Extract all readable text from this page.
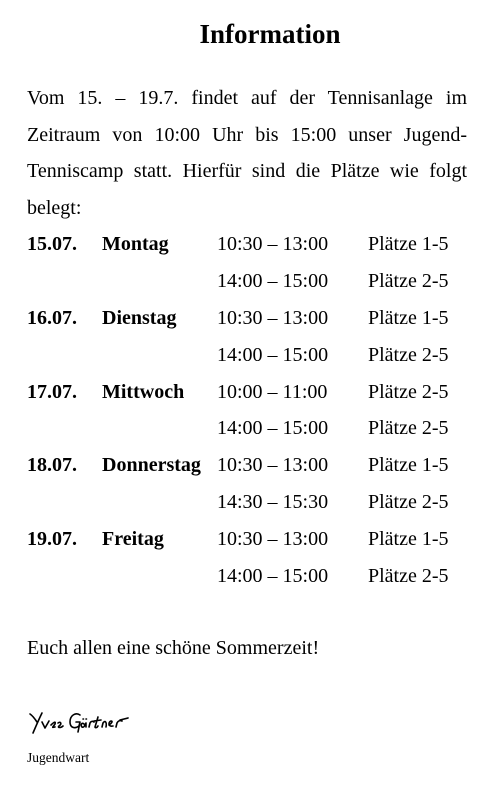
Information
Vom 15. – 19.7. findet auf der Tennisanlage im
Zeitraum von 10:00 Uhr bis 15:00 unser Jugend-
Tenniscamp statt. Hierfür sind die Plätze wie folgt
belegt:
15.07. Montag 10:30 – 13:00 Plätze 1-5
14:00 – 15:00 Plätze 2-5
16.07. Dienstag 10:30 – 13:00 Plätze 1-5
14:00 – 15:00 Plätze 2-5
17.07. Mittwoch 10:00 – 11:00 Plätze 2-5
14:00 – 15:00 Plätze 2-5
18.07. Donnerstag 10:30 – 13:00 Plätze 1-5
14:30 – 15:30 Plätze 2-5
19.07. Freitag	10:30 – 13:00 Plätze 1-5
14:00 – 15:00 Plätze 2-5
Euch allen eine schöne Sommerzeit!
Jugendwart
